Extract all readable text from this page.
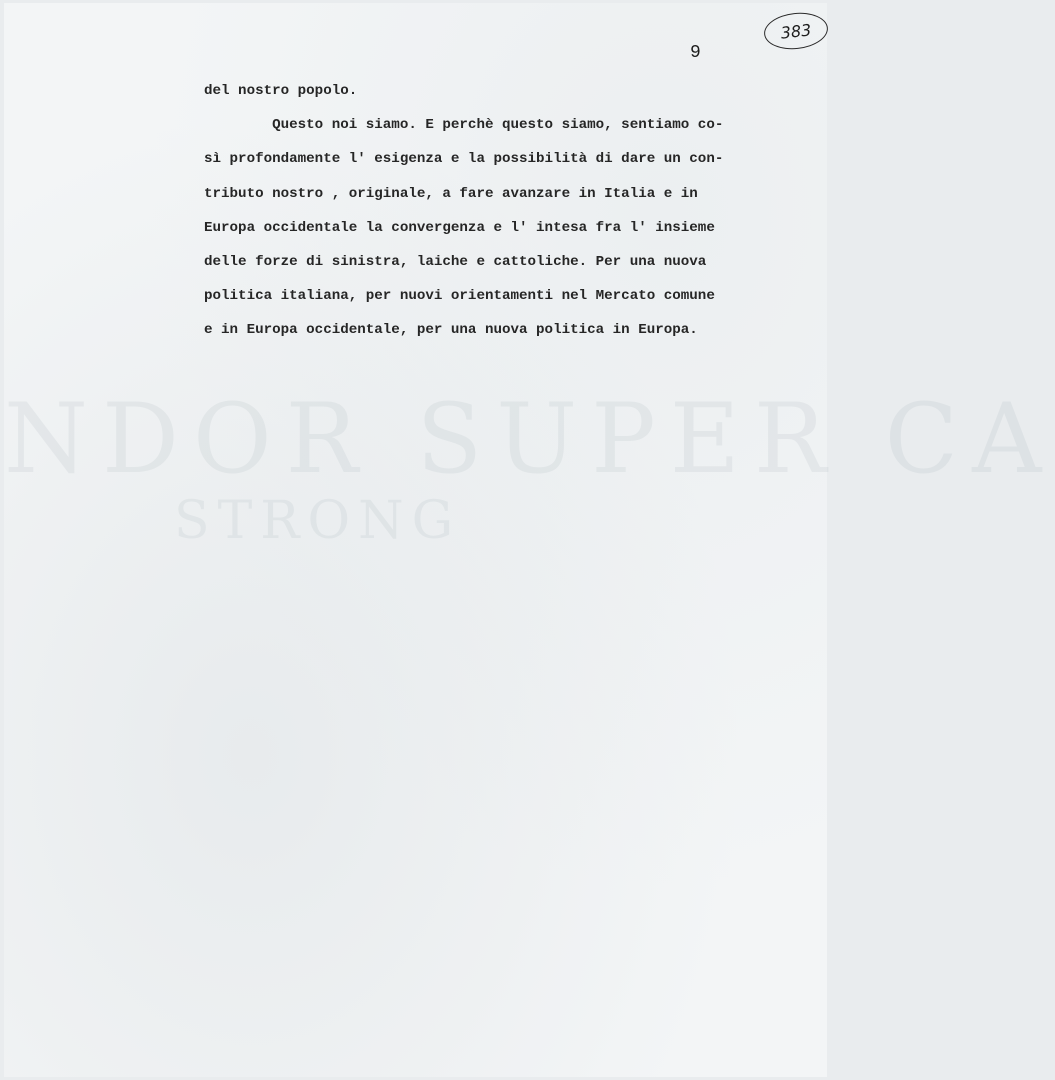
NDOR SUPER CA
STRONG
383
9
del nostro popolo.
Questo noi siamo. E perchè questo siamo, sentiamo co-
sì profondamente l' esigenza e la possibilità di dare un con-
tributo nostro , originale, a fare avanzare in Italia e in
Europa occidentale la convergenza e l' intesa fra l' insieme
delle forze di sinistra, laiche e cattoliche. Per una nuova
politica italiana, per nuovi orientamenti nel Mercato comune
e in Europa occidentale, per una nuova politica in Europa.
